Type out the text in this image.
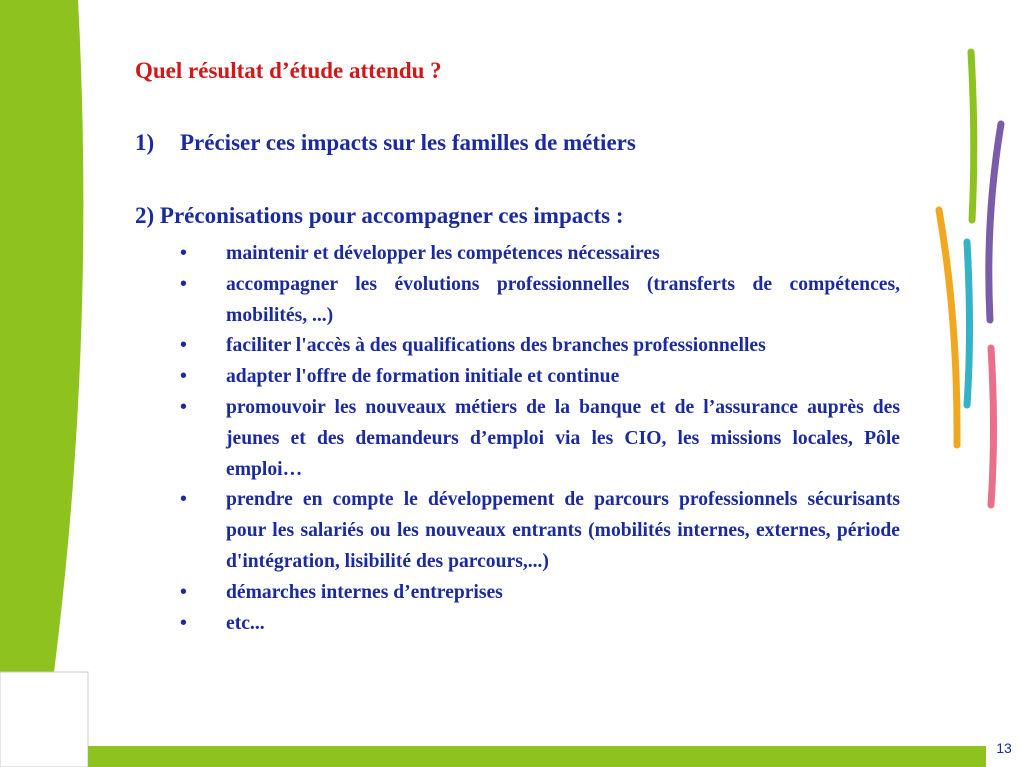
Quel résultat d’étude attendu ?
1) Préciser ces impacts sur les familles de métiers
2) Préconisations pour accompagner ces impacts :
• maintenir et développer les compétences nécessaires
• accompagner les évolutions professionnelles (transferts de compétences, mobilités, ...)
• faciliter l'accès à des qualifications des branches professionnelles
• adapter l'offre de formation initiale et continue
• promouvoir les nouveaux métiers de la banque et de l’assurance auprès des jeunes et des demandeurs d’emploi via les CIO, les missions locales, Pôle emploi…
• prendre en compte le développement de parcours professionnels sécurisants pour les salariés ou les nouveaux entrants (mobilités internes, externes, période d'intégration, lisibilité des parcours,...)
• démarches internes d’entreprises
• etc...
13
